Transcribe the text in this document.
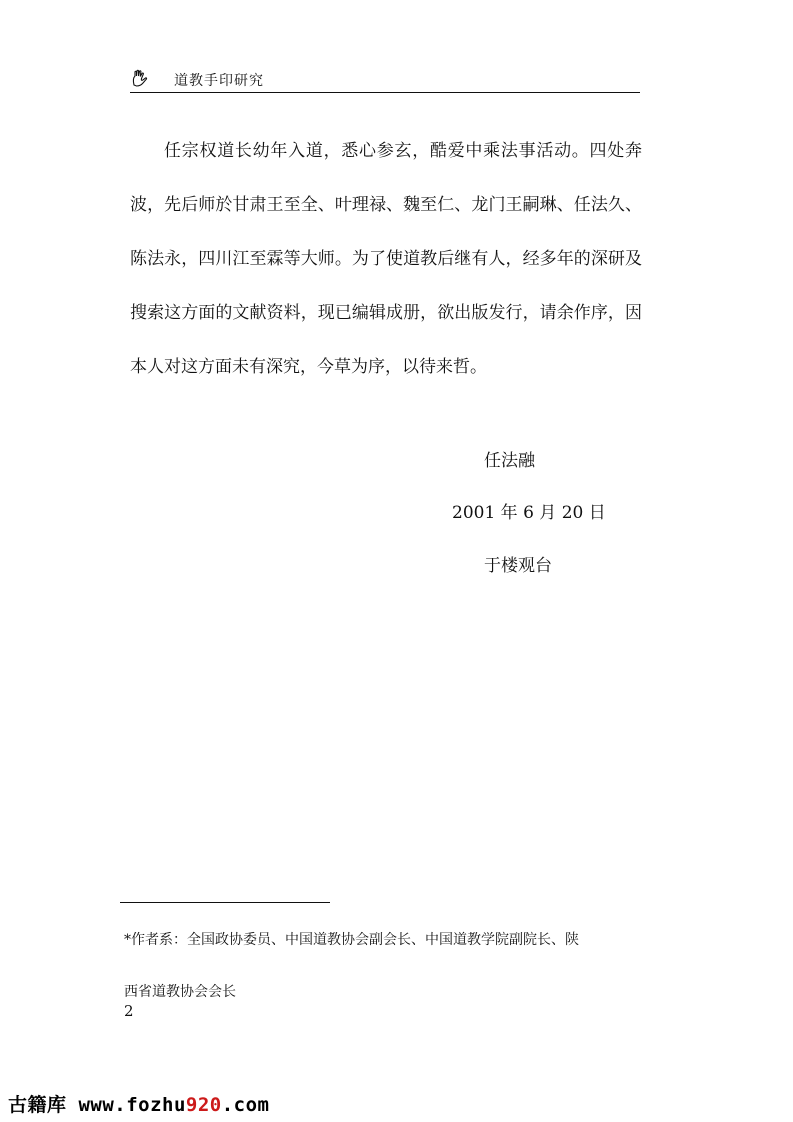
道教手印研究

任宗权道长幼年入道，悉心参玄，酷爱中乘法事活动。四处奔波，先后师於甘肃王至全、叶理禄、魏至仁、龙门王嗣琳、任法久、陈法永，四川江至霖等大师。为了使道教后继有人，经多年的深研及搜索这方面的文献资料，现已编辑成册，欲出版发行，请余作序，因本人对这方面未有深究，今草为序，以待来哲。

任法融
2001 年 6 月 20 日
于楼观台

*作者系：全国政协委员、中国道教协会副会长、中国道教学院副院长、陕

西省道教协会会长

2
古籍库 www.fozhu920.com
